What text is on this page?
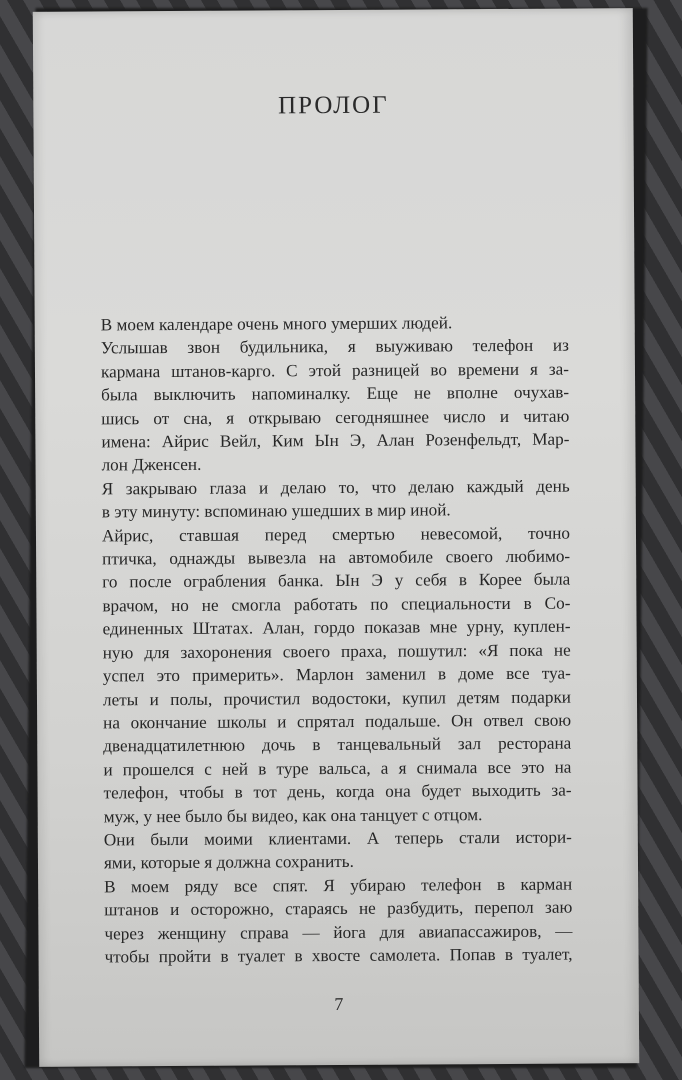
ПРОЛОГ
В моем календаре очень много умерших людей.
Услышав звон будильника, я выуживаю телефон из
кармана штанов-карго. С этой разницей во времени я за-
была выключить напоминалку. Еще не вполне очухав-
шись от сна, я открываю сегодняшнее число и читаю
имена: Айрис Вейл, Ким Ын Э, Алан Розенфельдт, Мар-
лон Дженсен.
Я закрываю глаза и делаю то, что делаю каждый день
в эту минуту: вспоминаю ушедших в мир иной.
Айрис, ставшая перед смертью невесомой, точно
птичка, однажды вывезла на автомобиле своего любимо-
го после ограбления банка. Ын Э у себя в Корее была
врачом, но не смогла работать по специальности в Со-
единенных Штатах. Алан, гордо показав мне урну, куплен-
ную для захоронения своего праха, пошутил: «Я пока не
успел это примерить». Марлон заменил в доме все туа-
леты и полы, прочистил водостоки, купил детям подарки
на окончание школы и спрятал подальше. Он отвел свою
двенадцатилетнюю дочь в танцевальный зал ресторана
и прошелся с ней в туре вальса, а я снимала все это на
телефон, чтобы в тот день, когда она будет выходить за-
муж, у нее было бы видео, как она танцует с отцом.
Они были моими клиентами. А теперь стали истори-
ями, которые я должна сохранить.
В моем ряду все спят. Я убираю телефон в карман
штанов и осторожно, стараясь не разбудить, перепол заю
через женщину справа — йога для авиапассажиров, —
чтобы пройти в туалет в хвосте самолета. Попав в туалет,
7
